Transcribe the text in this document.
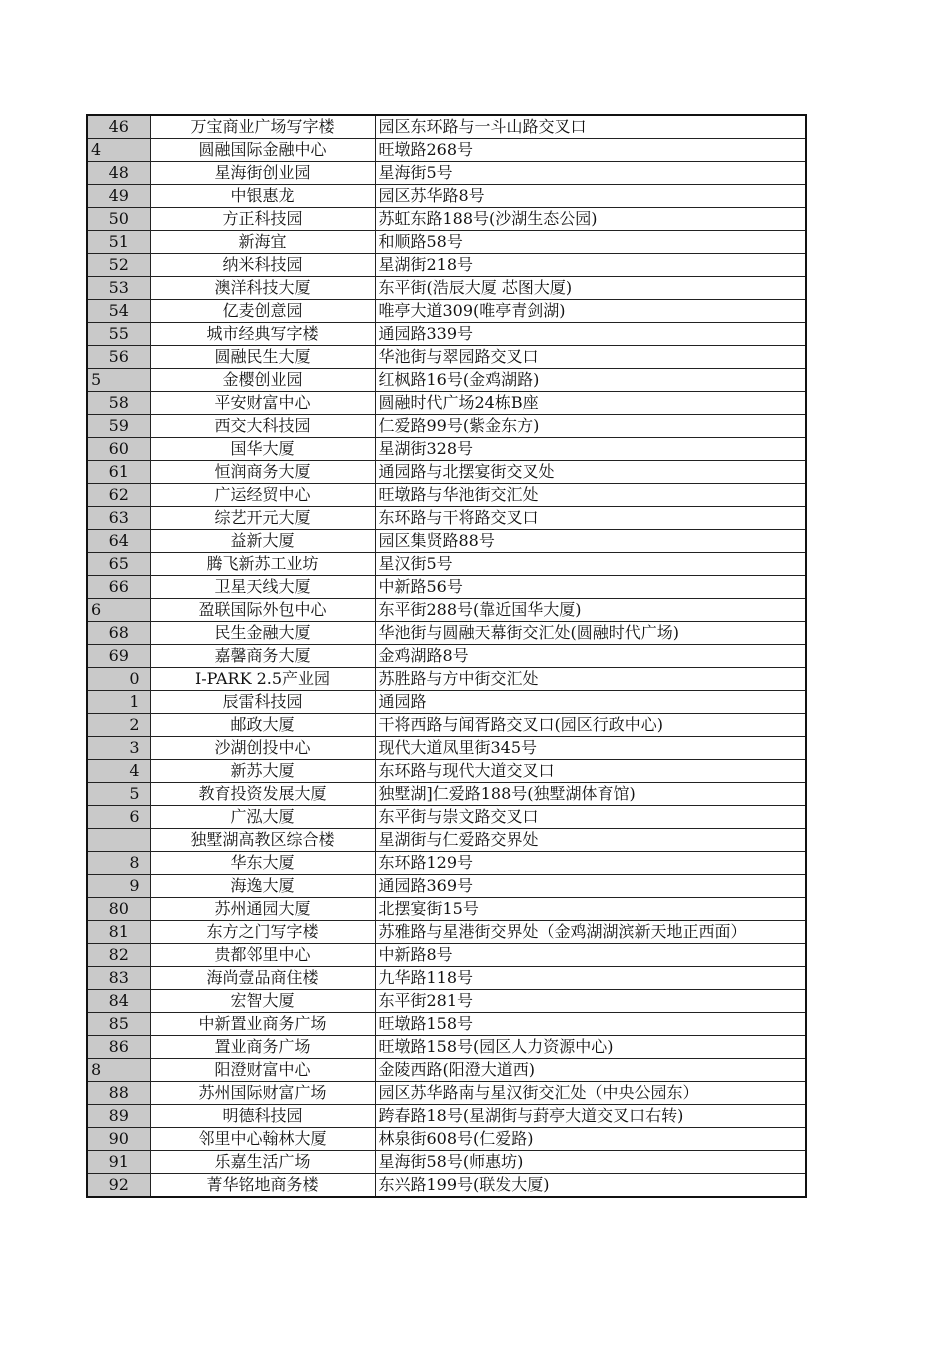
46	万宝商业广场写字楼	园区东环路与一斗山路交叉口
4	圆融国际金融中心	旺墩路268号
48	星海街创业园	星海街5号
49	中银惠龙	园区苏华路8号
50	方正科技园	苏虹东路188号(沙湖生态公园)
51	新海宜	和顺路58号
52	纳米科技园	星湖街218号
53	澳洋科技大厦	东平街(浩辰大厦 芯图大厦)
54	亿麦创意园	唯亭大道309(唯亭青剑湖)
55	城市经典写字楼	通园路339号
56	圆融民生大厦	华池街与翠园路交叉口
5	金樱创业园	红枫路16号(金鸡湖路)
58	平安财富中心	圆融时代广场24栋B座
59	西交大科技园	仁爱路99号(紫金东方)
60	国华大厦	星湖街328号
61	恒润商务大厦	通园路与北摆宴街交叉处
62	广运经贸中心	旺墩路与华池街交汇处
63	综艺开元大厦	东环路与干将路交叉口
64	益新大厦	园区集贤路88号
65	腾飞新苏工业坊	星汉街5号
66	卫星天线大厦	中新路56号
6	盈联国际外包中心	东平街288号(靠近国华大厦)
68	民生金融大厦	华池街与圆融天幕街交汇处(圆融时代广场)
69	嘉馨商务大厦	金鸡湖路8号
0	I-PARK 2.5产业园	苏胜路与方中街交汇处
1	辰雷科技园	通园路
2	邮政大厦	干将西路与闻胥路交叉口(园区行政中心)
3	沙湖创投中心	现代大道凤里街345号
4	新苏大厦	东环路与现代大道交叉口
5	教育投资发展大厦	独墅湖]仁爱路188号(独墅湖体育馆)
6	广泓大厦	东平街与崇文路交叉口
	独墅湖高教区综合楼	星湖街与仁爱路交界处
8	华东大厦	东环路129号
9	海逸大厦	通园路369号
80	苏州通园大厦	北摆宴街15号
81	东方之门写字楼	苏雅路与星港街交界处（金鸡湖湖滨新天地正西面）
82	贵都邻里中心	中新路8号
83	海尚壹品商住楼	九华路118号
84	宏智大厦	东平街281号
85	中新置业商务广场	旺墩路158号
86	置业商务广场	旺墩路158号(园区人力资源中心)
8	阳澄财富中心	金陵西路(阳澄大道西)
88	苏州国际财富广场	园区苏华路南与星汉街交汇处（中央公园东）
89	明德科技园	跨春路18号(星湖街与葑亭大道交叉口右转)
90	邻里中心翰林大厦	林泉街608号(仁爱路)
91	乐嘉生活广场	星海街58号(师惠坊)
92	菁华铭地商务楼	东兴路199号(联发大厦)
